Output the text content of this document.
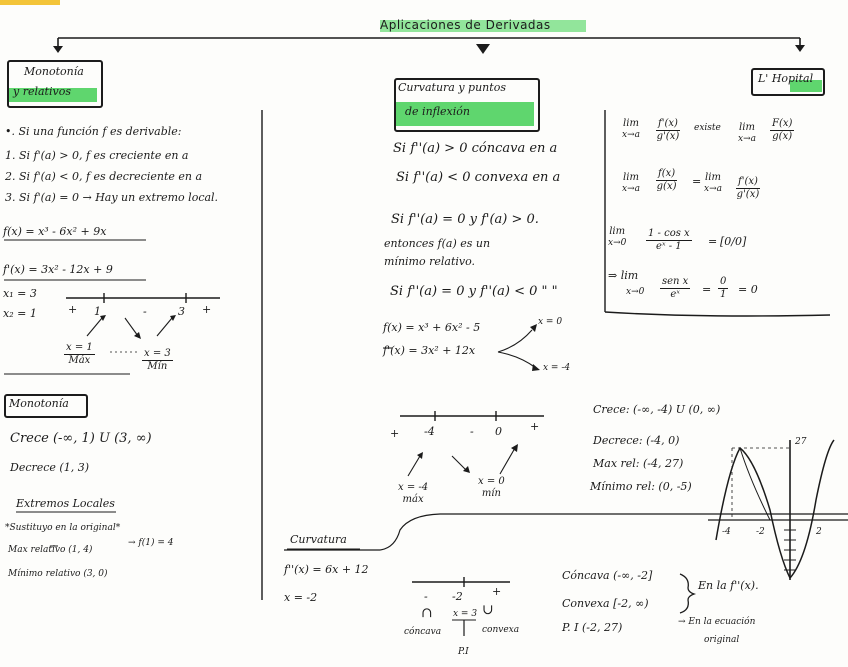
Aplicaciones de Derivadas
Monotonía
y relativos	Curvatura y puntos
de inflexión
L' Hopital
•. Si una función f es derivable:
1. Si f'(a) > 0, f es creciente en a
2. Si f'(a) < 0, f es decreciente en a
3. Si f'(a) = 0 → Hay un extremo local.
f(x) = x³ - 6x² + 9x
f'(x) = 3x² - 12x + 9
x₁ = 3
x₂ = 1	+ 1	-	3 +
x = 1
Máx
x = 3
Mín
Monotonía
Crece (-∞, 1) U (3, ∞)
Decrece (1, 3)
Extremos Locales
*Sustituyo en la original*
Max relativo (1, 4)
→ f(1) = 4
Mínimo relativo (3, 0)
Si f''(a) > 0 cóncava en a
Si f''(a) < 0 convexa en a
Si f''(a) = 0 y f'(a) > 0.
entonces f(a) es un
mínimo relativo.
Si f''(a) = 0 y f''(a) < 0 " "
f(x) = x³ + 6x² - 5
f'(x) = 3x² + 12x
x = 0
x = -4
+ -4	- 0	+
x = -4
máx
x = 0
mín
Crece: (-∞, -4) U (0, ∞)
Decrece: (-4, 0)
Max rel: (-4, 27)
Mínimo rel: (0, -5)
27
-4	-2	2
lim
$x\to a \frac{f'(x)}{g'(x)}$ existe lim
$x\to a \frac{F(x)}{g(x)}$
lim
$x\to a \frac{f(x)}{g(x)} = \lim$
$x\to a \frac{f'(x)}{g'(x)}$
lim
$x\to 0 \frac{\text{1 - cos x}}{\text{eˣ - 1}} = [0/0]$
⇒ lim
x→0
sen x
eˣ = $\frac{0}{1} = 0$
Curvatura
f''(x) = 6x + 12
x = -2	- -2	+
∩	∪
x = 3
cóncava	convexa
P.I
Cóncava (-∞, -2]
Convexa [-2, ∞)
En la f''(x).
P. I (-2, 27)	→ En la ecuación
original
